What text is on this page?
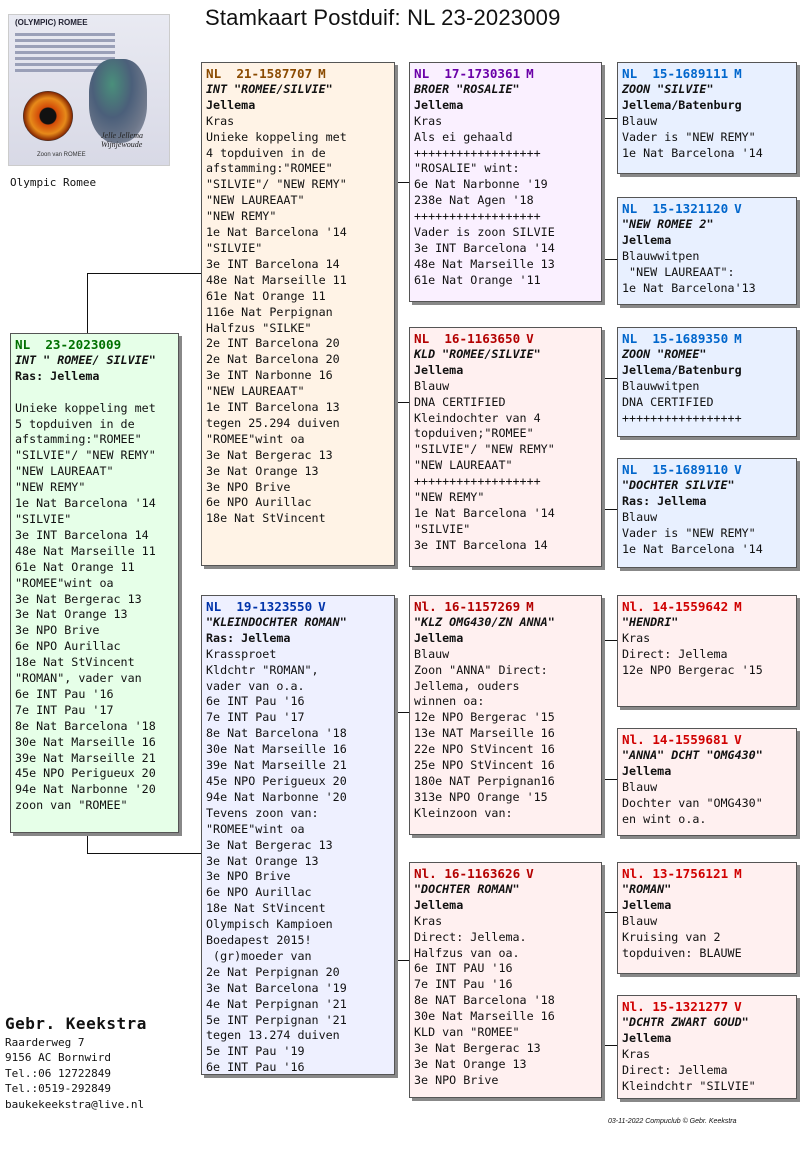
Stamkaart Postduif: NL 23-2023009
(OLYMPIC) ROMEE
Jelle Jellema
Wijnjewoude
Zoon van ROMEE
Olympic Romee
NL  23-2023009
INT " ROMEE/ SILVIE"
Ras: Jellema

Unieke koppeling met
5 topduiven in de
afstamming:"ROMEE"
"SILVIE"/ "NEW REMY"
"NEW LAUREAAT"
"NEW REMY"
1e Nat Barcelona '14
"SILVIE"
3e INT Barcelona 14
48e Nat Marseille 11
61e Nat Orange 11
"ROMEE"wint oa
3e Nat Bergerac 13
3e Nat Orange 13
3e NPO Brive
6e NPO Aurillac
18e Nat StVincent
"ROMAN", vader van
6e INT Pau '16
7e INT Pau '17
8e Nat Barcelona '18
30e Nat Marseille 16
39e Nat Marseille 21
45e NPO Perigueux 20
94e Nat Narbonne '20
zoon van "ROMEE"
NL  21-1587707 M
INT "ROMEE/SILVIE"
Jellema
Kras
Unieke koppeling met
4 topduiven in de
afstamming:"ROMEE"
"SILVIE"/ "NEW REMY"
"NEW LAUREAAT"
"NEW REMY"
1e Nat Barcelona '14
"SILVIE"
3e INT Barcelona 14
48e Nat Marseille 11
61e Nat Orange 11
116e Nat Perpignan
Halfzus "SILKE"
2e INT Barcelona 20
2e Nat Barcelona 20
3e INT Narbonne 16
"NEW LAUREAAT"
1e INT Barcelona 13
tegen 25.294 duiven
"ROMEE"wint oa
3e Nat Bergerac 13
3e Nat Orange 13
3e NPO Brive
6e NPO Aurillac
18e Nat StVincent
NL  19-1323550 V
"KLEINDOCHTER ROMAN"
Ras: Jellema
Krassproet
Kldchtr "ROMAN",
vader van o.a.
6e INT Pau '16
7e INT Pau '17
8e Nat Barcelona '18
30e Nat Marseille 16
39e Nat Marseille 21
45e NPO Perigueux 20
94e Nat Narbonne '20
Tevens zoon van:
"ROMEE"wint oa
3e Nat Bergerac 13
3e Nat Orange 13
3e NPO Brive
6e NPO Aurillac
18e Nat StVincent
Olympisch Kampioen
Boedapest 2015!
(gr)moeder van
2e Nat Perpignan 20
3e Nat Barcelona '19
4e Nat Perpignan '21
5e INT Perpignan '21
tegen 13.274 duiven
5e INT Pau '19
6e INT Pau '16
NL  17-1730361 M
BROER "ROSALIE"
Jellema
Kras
Als ei gehaald
++++++++++++++++++
"ROSALIE" wint:
6e Nat Narbonne '19
238e Nat Agen '18
++++++++++++++++++
Vader is zoon SILVIE
3e INT Barcelona '14
48e Nat Marseille 13
61e Nat Orange '11
NL  16-1163650 V
KLD "ROMEE/SILVIE"
Jellema
Blauw
DNA CERTIFIED
Kleindochter van 4
topduiven;"ROMEE"
"SILVIE"/ "NEW REMY"
"NEW LAUREAAT"
++++++++++++++++++
"NEW REMY"
1e Nat Barcelona '14
"SILVIE"
3e INT Barcelona 14
Nl. 16-1157269 M
"KLZ OMG430/ZN ANNA"
Jellema
Blauw
Zoon "ANNA" Direct:
Jellema, ouders
winnen oa:
12e NPO Bergerac '15
13e NAT Marseille 16
22e NPO StVincent 16
25e NPO StVincent 16
180e NAT Perpignan16
313e NPO Orange '15
Kleinzoon van:
Nl. 16-1163626 V
"DOCHTER ROMAN"
Jellema
Kras
Direct: Jellema.
Halfzus van oa.
6e INT PAU '16
7e INT Pau '16
8e NAT Barcelona '18
30e Nat Marseille 16
KLD van "ROMEE"
3e Nat Bergerac 13
3e Nat Orange 13
3e NPO Brive
NL  15-1689111 M
ZOON "SILVIE"
Jellema/Batenburg
Blauw
Vader is "NEW REMY"
1e Nat Barcelona '14
NL  15-1321120 V
"NEW ROMEE 2"
Jellema
Blauwwitpen
"NEW LAUREAAT":
1e Nat Barcelona'13
NL  15-1689350 M
ZOON "ROMEE"
Jellema/Batenburg
Blauwwitpen
DNA CERTIFIED
+++++++++++++++++
NL  15-1689110 V
"DOCHTER SILVIE"
Ras: Jellema
Blauw
Vader is "NEW REMY"
1e Nat Barcelona '14
Nl. 14-1559642 M
"HENDRI"
Kras
Direct: Jellema
12e NPO Bergerac '15
Nl. 14-1559681 V
"ANNA" DCHT "OMG430"
Jellema
Blauw
Dochter van "OMG430"
en wint o.a.
Nl. 13-1756121 M
"ROMAN"
Jellema
Blauw
Kruising van 2
topduiven: BLAUWE
Nl. 15-1321277 V
"DCHTR ZWART GOUD"
Jellema
Kras
Direct: Jellema
Kleindchtr "SILVIE"
Gebr. Keekstra
Raarderweg 7
9156 AC Bornwird
Tel.:06 12722849
Tel.:0519-292849
baukekeekstra@live.nl
03-11-2022 Compuclub © Gebr. Keekstra
